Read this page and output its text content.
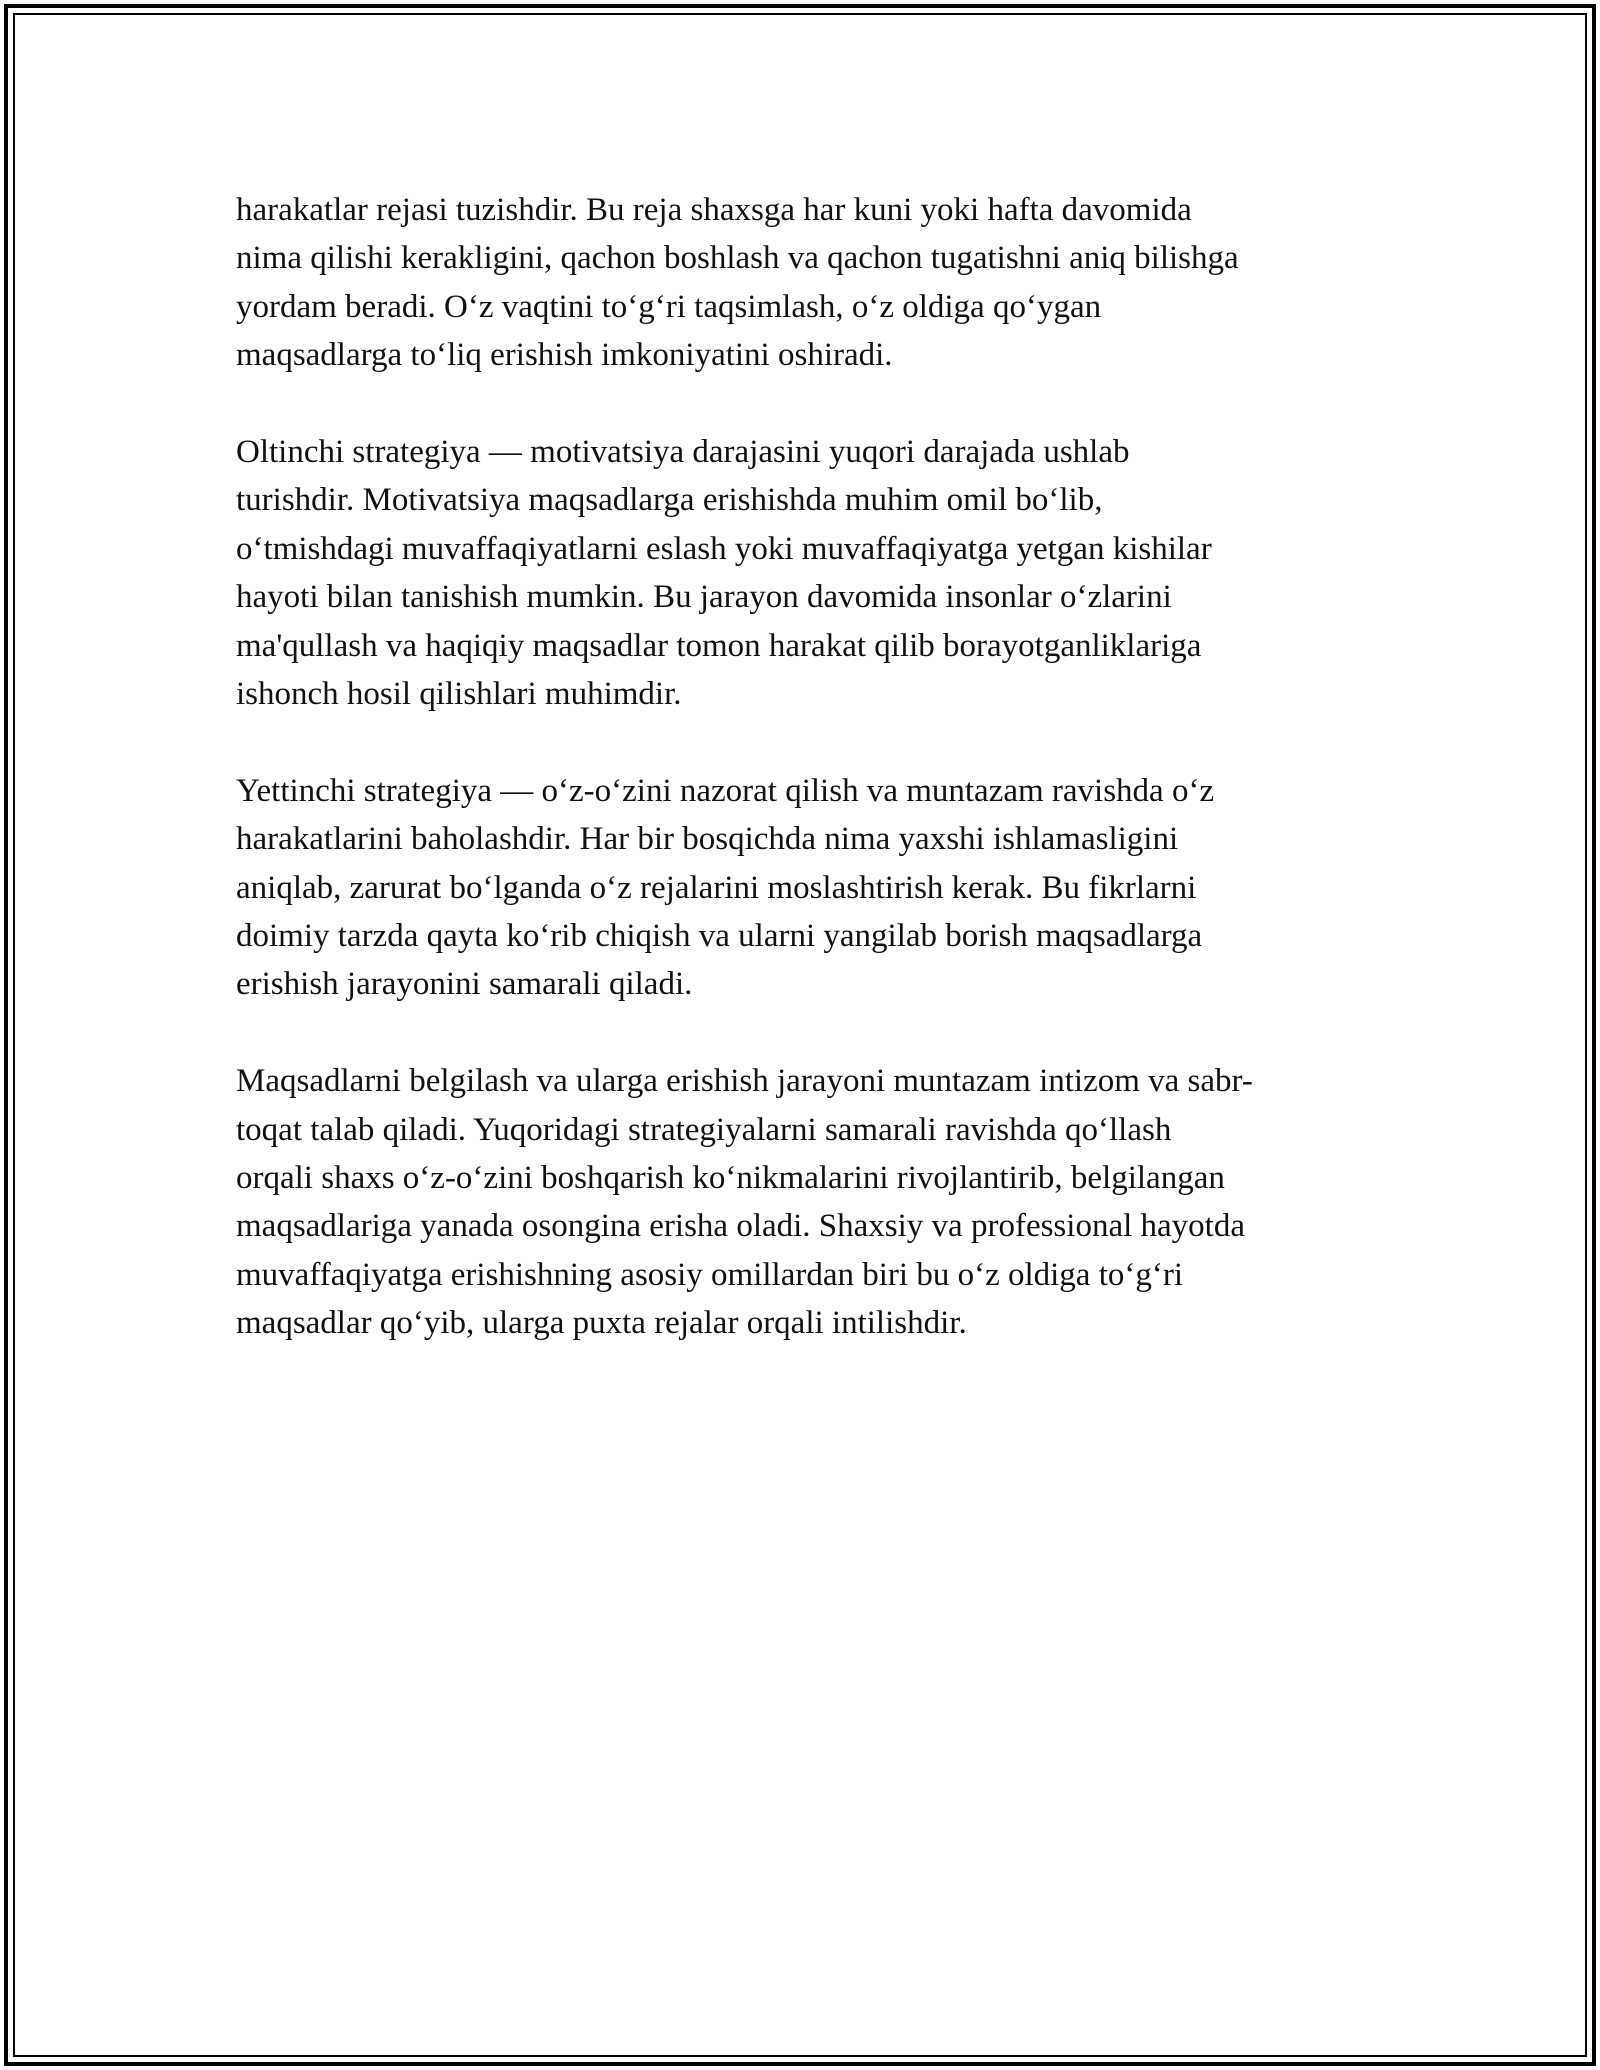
harakatlar rejasi tuzishdir. Bu reja shaxsga har kuni yoki hafta davomida
nima qilishi kerakligini, qachon boshlash va qachon tugatishni aniq bilishga
yordam beradi. O‘z vaqtini to‘g‘ri taqsimlash, o‘z oldiga qo‘ygan
maqsadlarga to‘liq erishish imkoniyatini oshiradi.

Oltinchi strategiya — motivatsiya darajasini yuqori darajada ushlab
turishdir. Motivatsiya maqsadlarga erishishda muhim omil bo‘lib,
o‘tmishdagi muvaffaqiyatlarni eslash yoki muvaffaqiyatga yetgan kishilar
hayoti bilan tanishish mumkin. Bu jarayon davomida insonlar o‘zlarini
ma'qullash va haqiqiy maqsadlar tomon harakat qilib borayotganliklariga
ishonch hosil qilishlari muhimdir.

Yettinchi strategiya — o‘z-o‘zini nazorat qilish va muntazam ravishda o‘z
harakatlarini baholashdir. Har bir bosqichda nima yaxshi ishlamasligini
aniqlab, zarurat bo‘lganda o‘z rejalarini moslashtirish kerak. Bu fikrlarni
doimiy tarzda qayta ko‘rib chiqish va ularni yangilab borish maqsadlarga
erishish jarayonini samarali qiladi.

Maqsadlarni belgilash va ularga erishish jarayoni muntazam intizom va sabr-
toqat talab qiladi. Yuqoridagi strategiyalarni samarali ravishda qo‘llash
orqali shaxs o‘z-o‘zini boshqarish ko‘nikmalarini rivojlantirib, belgilangan
maqsadlariga yanada osongina erisha oladi. Shaxsiy va professional hayotda
muvaffaqiyatga erishishning asosiy omillardan biri bu o‘z oldiga to‘g‘ri
maqsadlar qo‘yib, ularga puxta rejalar orqali intilishdir.
